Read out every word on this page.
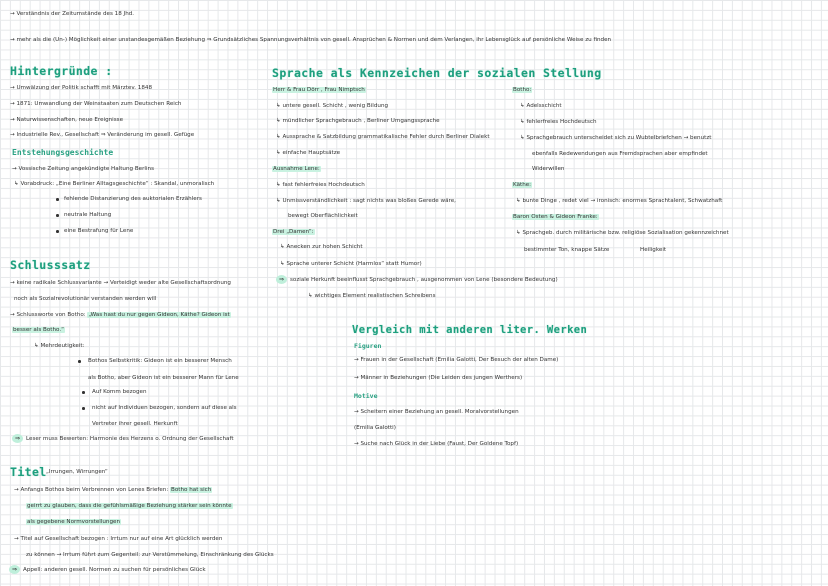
→ Verständnis der Zeitumstände des 18 Jhd.
→ mehr als die (Un-) Möglichkeit einer unstandesgemäßen Beziehung ⇒ Grundsätzliches Spannungsverhältnis von gesell. Ansprüchen & Normen und dem Verlangen, ihr Lebensglück auf persönliche Weise zu finden
Hintergründe :
→ Umwälzung der Politik schafft mit Märztev. 1848
→ 1871: Umwandlung der Weinstaaten zum Deutschen Reich
→ Naturwissenschaften, neue Ereignisse
→ Industrielle Rev., Gesellschaft ⇒ Veränderung im gesell. Gefüge
Entstehungsgeschichte
→ Vossische Zeitung angekündigte Haltung Berlins
↳ Vorabdruck: „Eine Berliner Alltagsgeschichte“ : Skandal, unmoralisch
fehlende Distanzierung des auktorialen Erzählers
neutrale Haltung
eine Bestrafung für Lene
Schlusssatz
→ keine radikale Schlussvariante → Verteidigt weder alte Gesellschaftsordnung
noch als Sozialrevolutionär verstanden werden will
→ Schlussworte von Botho: „Was hast du nur gegen Gideon, Käthe? Gideon ist
besser als Botho.“
↳ Mehrdeutigkeit:
Bothos Selbstkritik: Gideon ist ein besserer Mensch
als Botho, aber Gideon ist ein besserer Mann für Lene
Auf Komm bezogen
nicht auf Individuen bezogen, sondern auf diese als
Vertreter ihrer gesell. Herkunft
⇒	Leser muss Bewerten: Harmonie des Herzens o. Ordnung der Gesellschaft
Titel „Irrungen, Wirrungen“
→ Anfangs Bothos beim Verbrennen von Lenes Briefen: Botho hat sich
geirrt zu glauben, dass die gefühlsmäßige Beziehung stärker sein könnte
als gegebene Normvorstellungen
→ Titel auf Gesellschaft bezogen : Irrtum nur auf eine Art glücklich werden
zu können → Irrtum führt zum Gegenteil: zur Verstümmelung, Einschränkung des Glücks
⇒	Appell: anderen gesell. Normen zu suchen für persönliches Glück
Sprache als Kennzeichen der sozialen Stellung
Herr & Frau Dörr , Frau Nimptsch
↳ untere gesell. Schicht , wenig Bildung
↳ mündlicher Sprachgebrauch , Berliner Umgangssprache
↳ Aussprache & Satzbildung grammatikalische Fehler durch Berliner Dialekt
↳ einfache Hauptsätze
Ausnahme Lene:
↳ fast fehlerfreies Hochdeutsch
↳ Unmissverständlichkeit : sagt nichts was bloßes Gerede wäre,
bewegt Oberflächlichkeit
Drei „Damen“:
↳ Anecken zur hohen Schicht
↳ Sprache unterer Schicht (Harmlos“ statt Humor)
⇒	soziale Herkunft beeinflusst Sprachgebrauch , ausgenommen von Lene (besondere Bedeutung)
↳ wichtiges Element realistischen Schreibens
Botho:
↳ Adelsschicht
↳ fehlerfreies Hochdeutsch
↳ Sprachgebrauch unterscheidet sich zu Wubtelbriefchen → benutzt
ebenfalls Redewendungen aus Fremdsprachen aber empfindet
Widerwillen
Käthe:
↳ bunte Dinge , redet viel → ironisch: enormes Sprachtalent, Schwatzhaft
Baron Osten & Gideon Franke:
↳ Sprachgeb. durch militärische bzw. religiöse Sozialisation gekennzeichnet
bestimmter Ton, knappe Sätze	Heiligkeit
Vergleich mit anderen liter. Werken
Figuren
→ Frauen in der Gesellschaft (Emilia Galotti, Der Besuch der alten Dame)
→ Männer in Beziehungen (Die Leiden des jungen Werthers)
Motive
→ Scheitern einer Beziehung an gesell. Moralvorstellungen
(Emilia Galotti)
→ Suche nach Glück in der Liebe (Faust, Der Goldene Topf)
